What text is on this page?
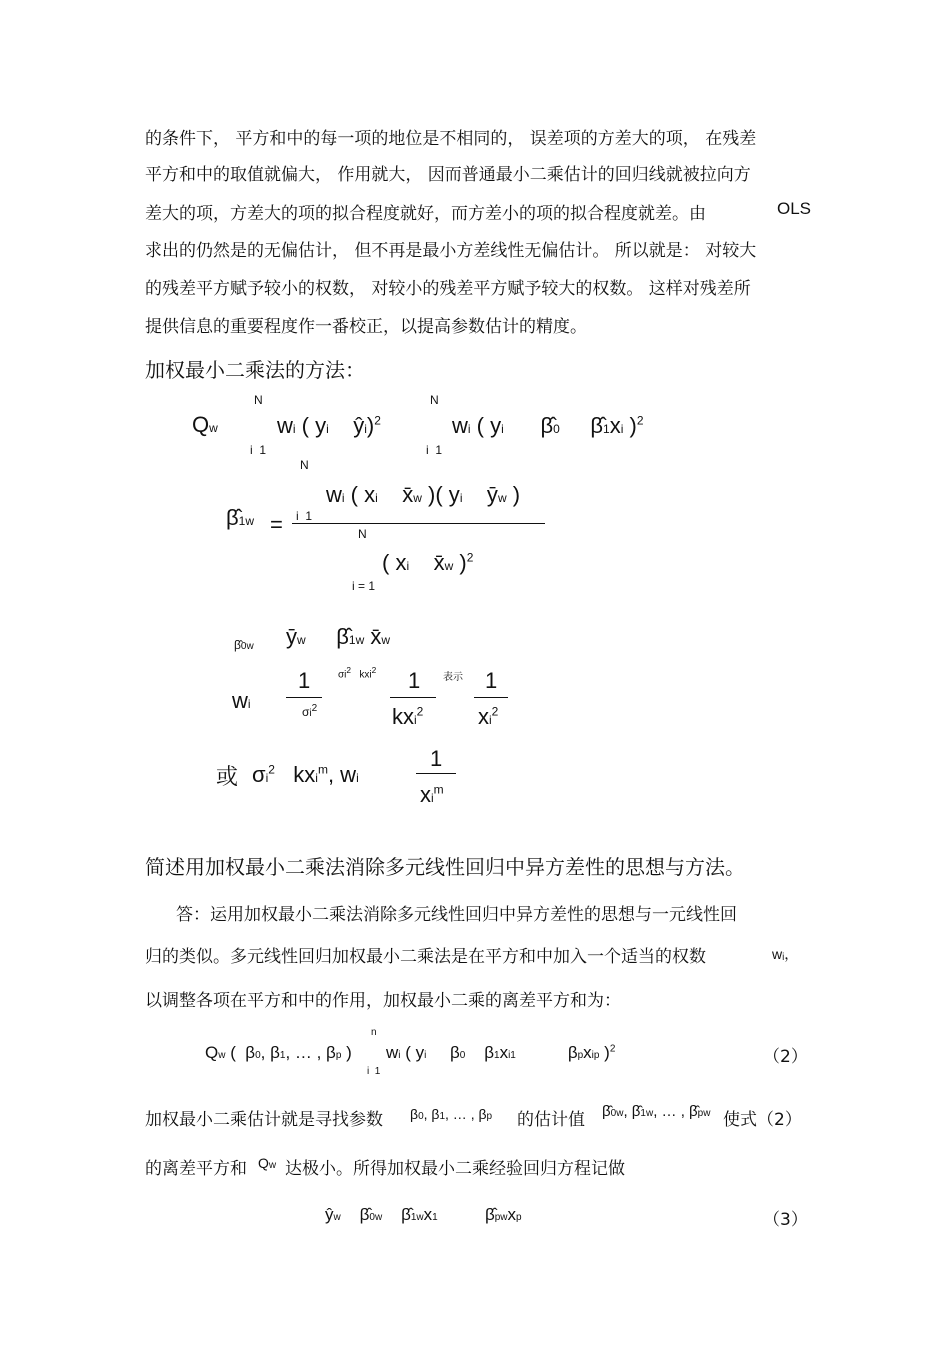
的条件下， 平方和中的每一项的地位是不相同的， 误差项的方差大的项， 在残差
平方和中的取值就偏大， 作用就大， 因而普通最小二乘估计的回归线就被拉向方
差大的项，方差大的项的拟合程度就好，而方差小的项的拟合程度就差。由	OLS
求出的仍然是的无偏估计， 但不再是最小方差线性无偏估计。 所以就是： 对较大
的残差平方赋予较小的权数， 对较小的残差平方赋予较大的权数。 这样对残差所
提供信息的重要程度作一番校正，以提高参数估计的精度。
加权最小二乘法的方法：
Qw
N
i  1
wi ( yi    ŷi)$^2$
N
i  1
wi ( yi      β̂0     β̂1xi )$^2$
N
wi ( xi    x̄w )( yi    ȳw )
β̂1w = i  1
N
( xi    x̄w )$^2$
i = 1
β̂0w ȳw     β̂1w x̄w
wi
1
$\sigma i^2$
$\sigma i^2$   kxi$^2$
表示
1
kxi$^2$
1
$xi^2$
或 $\sigma i^2$   kxi$^m$, wi
1
$xi^m$
简述用加权最小二乘法消除多元线性回归中异方差性的思想与方法。
答：运用加权最小二乘法消除多元线性回归中异方差性的思想与一元线性回
归的类似。多元线性回归加权最小二乘法是在平方和中加入一个适当的权数	wᵢ，
以调整各项在平方和中的作用，加权最小二乘的离差平方和为：
Qw (  β0, β1, … , βp )
n
i  1
wi ( yi     β0    β1xi1           βpxip )$^2$	（2）
加权最小二乘估计就是寻找参数 β0, β1, … , βp 的估计值 β̂0w, β̂1w, … , β̂pw 使式（2）
的离差平方和 Qw 达极小。所得加权最小二乘经验回归方程记做
ŷw    β̂0w    β̂1wx1          β̂pwxp	（3）
